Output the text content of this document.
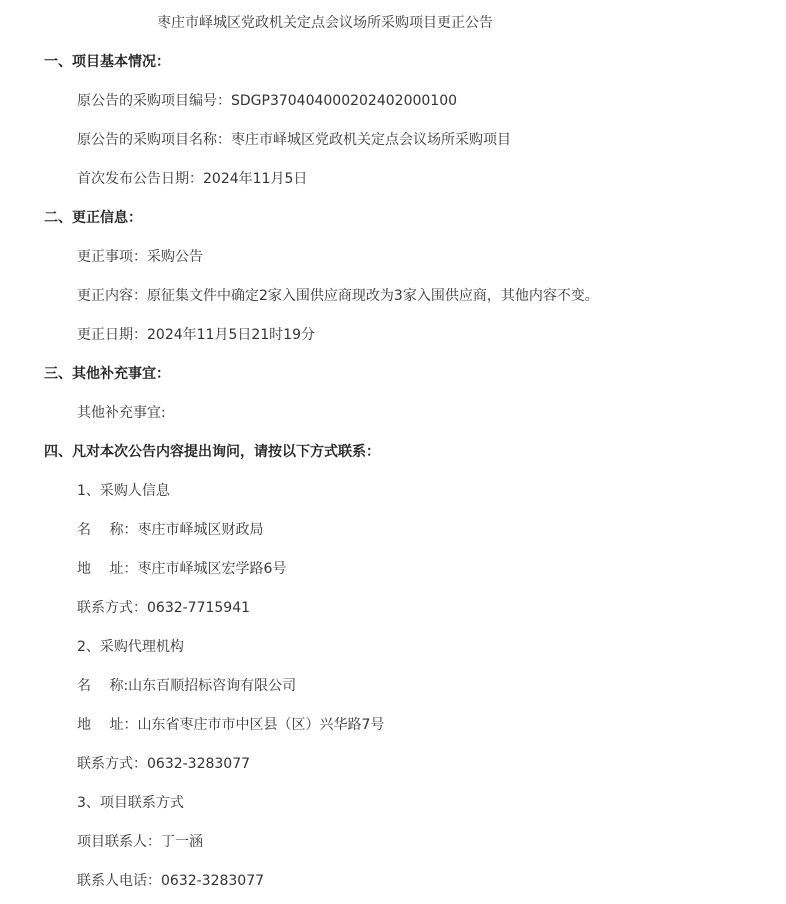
枣庄市峄城区党政机关定点会议场所采购项目更正公告
一、项目基本情况：
原公告的采购项目编号：SDGP370404000202402000100
原公告的采购项目名称：枣庄市峄城区党政机关定点会议场所采购项目
首次发布公告日期：2024年11月5日
二、更正信息：
更正事项：采购公告
更正内容：原征集文件中确定2家入围供应商现改为3家入围供应商，其他内容不变。
更正日期：2024年11月5日21时19分
三、其他补充事宜：
其他补充事宜:
四、凡对本次公告内容提出询问，请按以下方式联系：
1、采购人信息
名　 称：枣庄市峄城区财政局
地　 址：枣庄市峄城区宏学路6号
联系方式：0632-7715941
2、采购代理机构
名　 称:山东百顺招标咨询有限公司
地　 址：山东省枣庄市市中区县（区）兴华路7号
联系方式：0632-3283077
3、项目联系方式
项目联系人：丁一涵
联系人电话：0632-3283077
